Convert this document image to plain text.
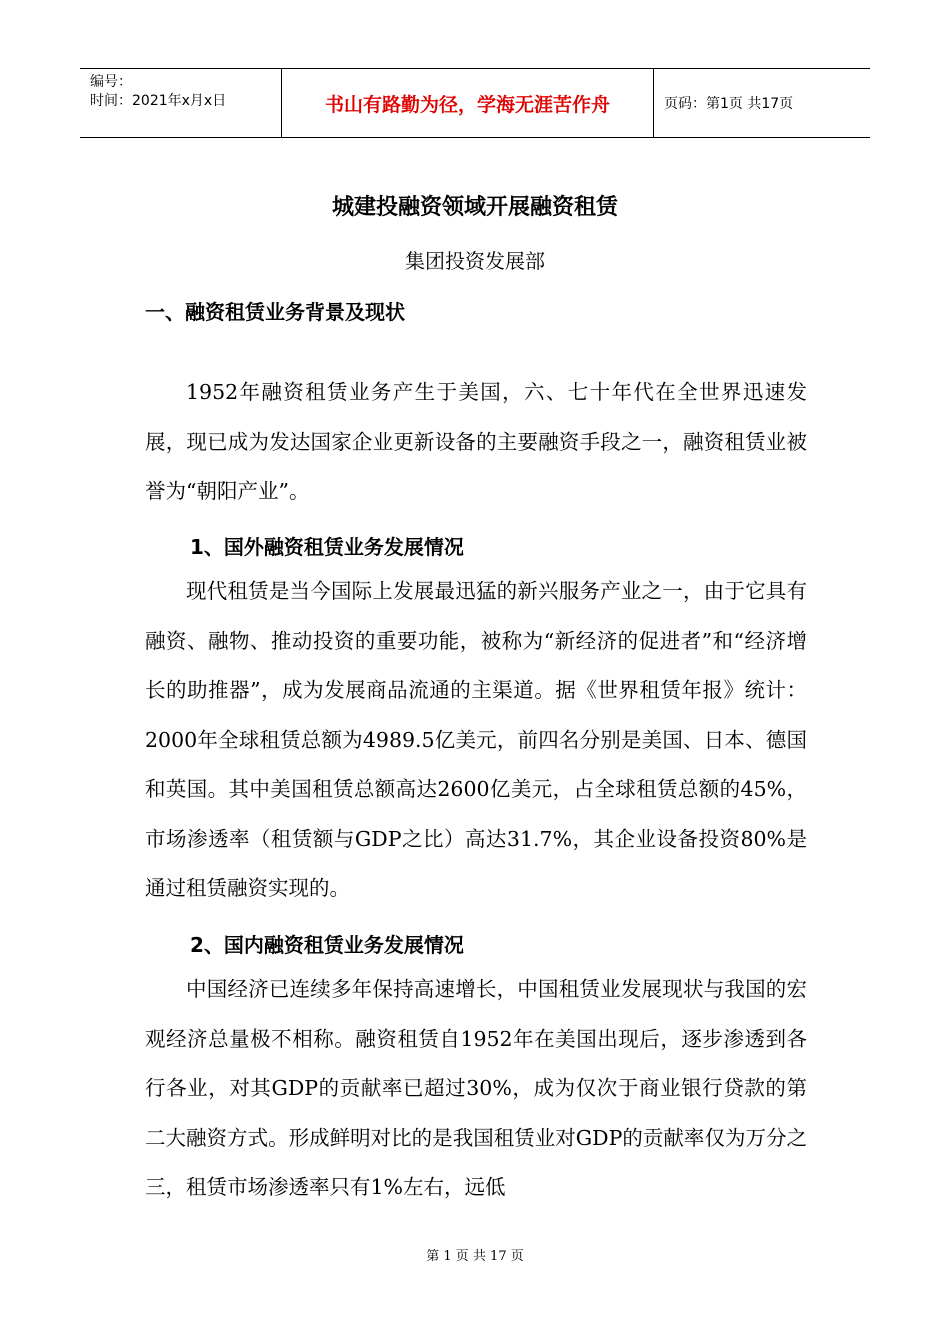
编号：
时间：2021年x月x日	书山有路勤为径，学海无涯苦作舟	页码：第1页 共17页
城建投融资领域开展融资租赁
集团投资发展部
一、融资租赁业务背景及现状

1952年融资租赁业务产生于美国，六、七十年代在全世界迅速发展，现已成为发达国家企业更新设备的主要融资手段之一，融资租赁业被誉为“朝阳产业”。

1、国外融资租赁业务发展情况

现代租赁是当今国际上发展最迅猛的新兴服务产业之一，由于它具有融资、融物、推动投资的重要功能，被称为“新经济的促进者”和“经济增长的助推器”，成为发展商品流通的主渠道。据《世界租赁年报》统计：2000年全球租赁总额为4989.5亿美元，前四名分别是美国、日本、德国和英国。其中美国租赁总额高达2600亿美元，占全球租赁总额的45%，市场渗透率（租赁额与GDP之比）高达31.7%，其企业设备投资80%是通过租赁融资实现的。

2、国内融资租赁业务发展情况

中国经济已连续多年保持高速增长，中国租赁业发展现状与我国的宏观经济总量极不相称。融资租赁自1952年在美国出现后，逐步渗透到各行各业，对其GDP的贡献率已超过30%，成为仅次于商业银行贷款的第二大融资方式。形成鲜明对比的是我国租赁业对GDP的贡献率仅为万分之三，租赁市场渗透率只有1%左右，远低

第 1 页 共 17 页
